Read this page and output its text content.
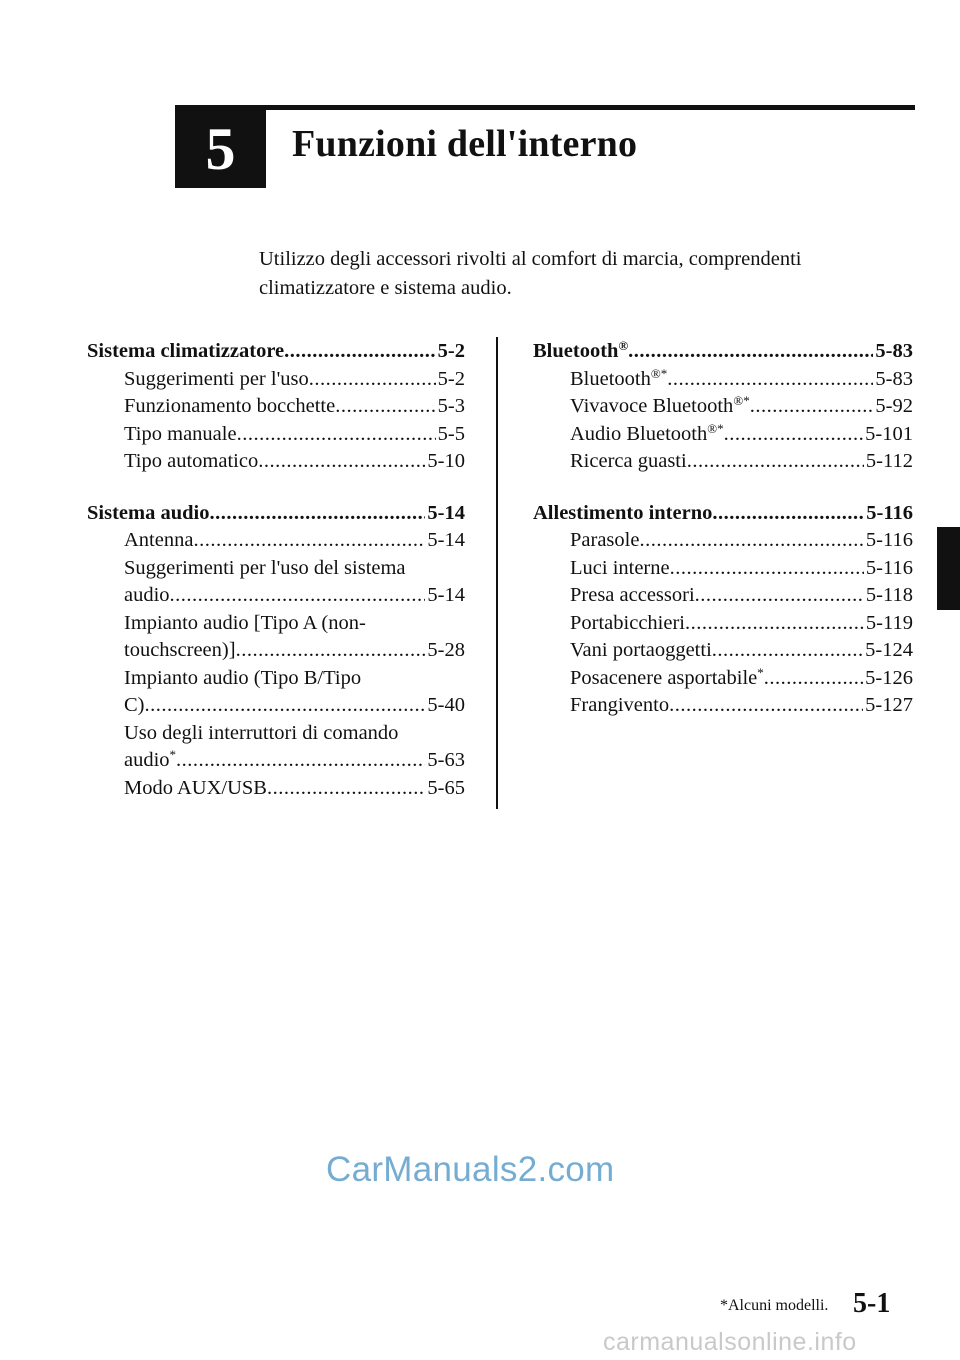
5	Funzioni dell'interno
Utilizzo degli accessori rivolti al comfort di marcia, comprendenti
climatizzatore e sistema audio.
Sistema climatizzatore .....	5-2
Suggerimenti per l'uso .....	5-2
Funzionamento bocchette .....	5-3
Tipo manuale .....	5-5
Tipo automatico .....	5-10
Sistema audio .....	5-14
Antenna .....	5-14
Suggerimenti per l'uso del sistema
audio .....	5-14
Impianto audio [Tipo A (non-
touchscreen)] .....	5-28
Impianto audio (Tipo B/Tipo
C) .....	5-40
Uso degli interruttori di comando
audio* .....	5-63
Modo AUX/USB .....	5-65
Bluetooth® .....	5-83
Bluetooth®* .....	5-83
Vivavoce Bluetooth®* .....	5-92
Audio Bluetooth®* .....	5-101
Ricerca guasti .....	5-112
Allestimento interno .....	5-116
Parasole .....	5-116
Luci interne .....	5-116
Presa accessori .....	5-118
Portabicchieri .....	5-119
Vani portaoggetti .....	5-124
Posacenere asportabile* .....	5-126
Frangivento .....	5-127
CarManuals2.com
*Alcuni modelli. 5-1
carmanualsonline.info
